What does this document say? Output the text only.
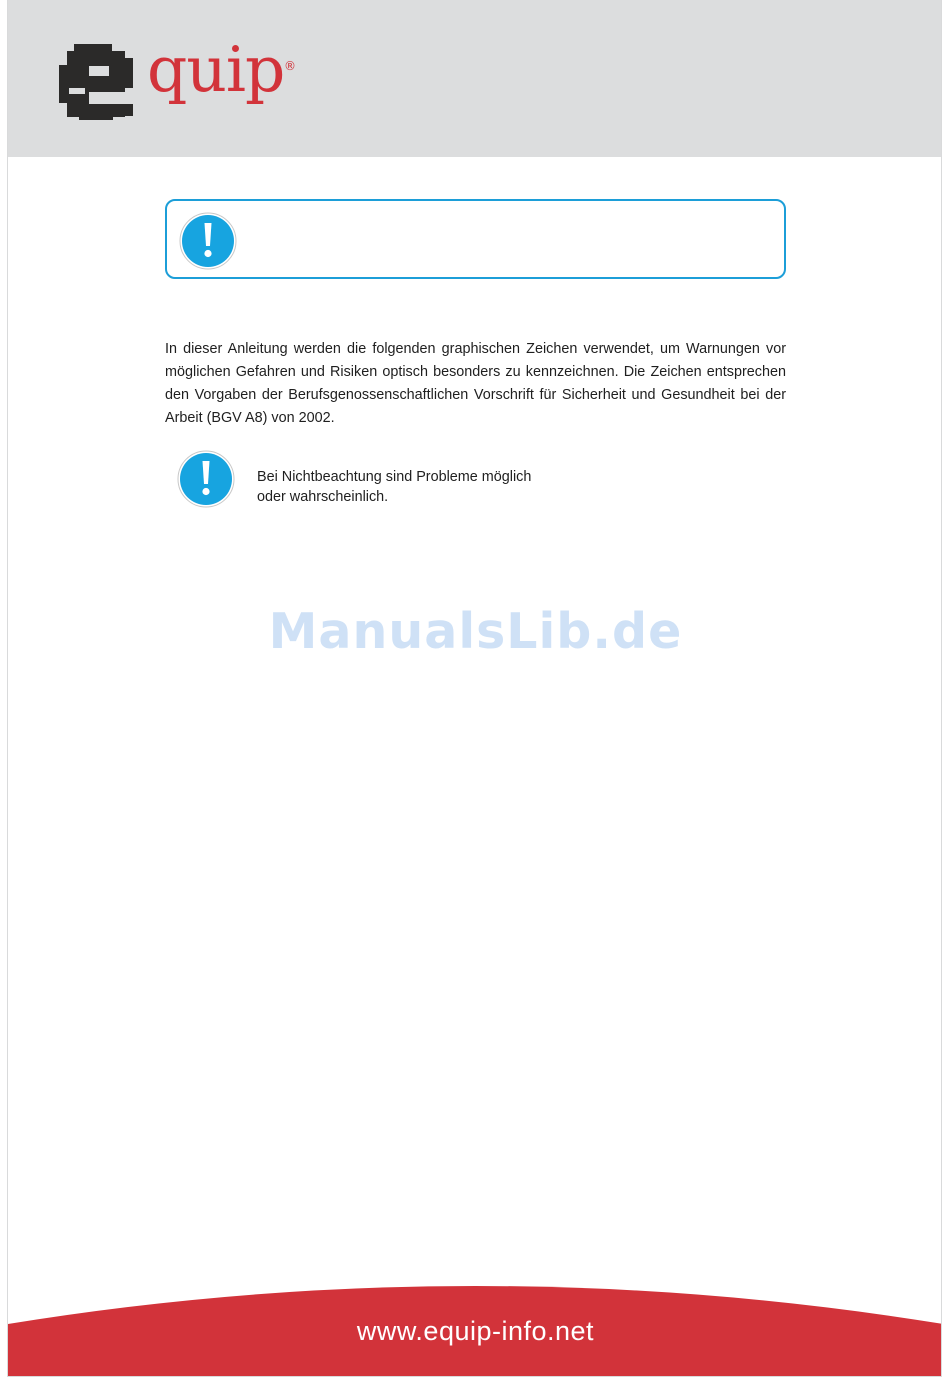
quip ®

In dieser Anleitung werden die folgenden graphischen Zeichen verwendet, um Warnungen vor möglichen Gefahren und Risiken optisch besonders zu kennzeichnen. Die Zeichen entsprechen den Vorgaben der Berufsgenossenschaftlichen Vorschrift für Sicherheit und Gesundheit bei der Arbeit (BGV A8) von 2002.

Bei Nichtbeachtung sind Probleme möglich
oder wahrscheinlich.
ManualsLib.de
www.equip-info.net
